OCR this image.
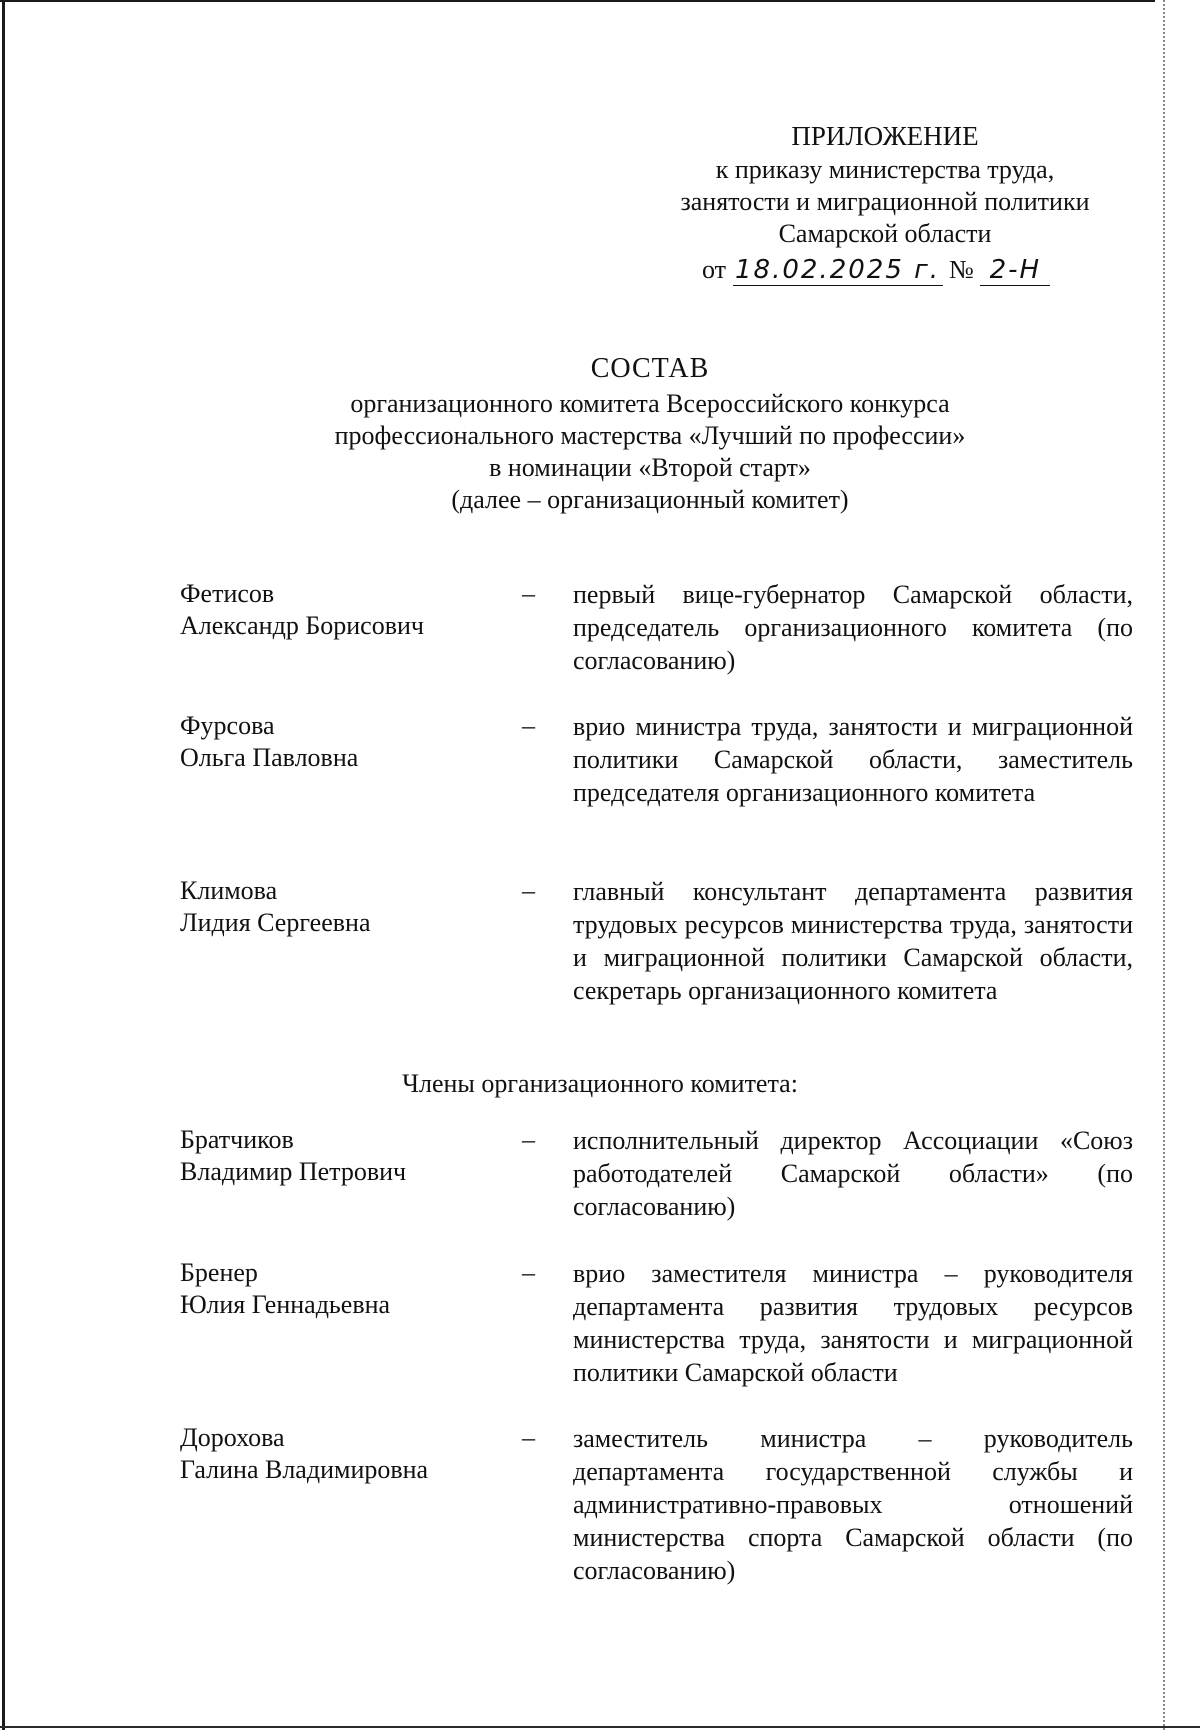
ПРИЛОЖЕНИЕ
к приказу министерства труда,
занятости и миграционной политики
Самарской области
от 18.02.2025 г. № 2-Н
СОСТАВ
организационного комитета Всероссийского конкурса
профессионального мастерства «Лучший по профессии»
в номинации «Второй старт»
(далее – организационный комитет)
Фетисов
Александр Борисович
– первый вице-губернатор Самарской области, председатель организационного комитета (по согласованию)
Фурсова
Ольга Павловна
– врио министра труда, занятости и миграционной политики Самарской области, заместитель председателя организационного комитета
Климова
Лидия Сергеевна
– главный консультант департамента развития трудовых ресурсов министерства труда, занятости и миграционной политики Самарской области, секретарь организационного комитета
Члены организационного комитета:
Братчиков
Владимир Петрович
– исполнительный директор Ассоциации «Союз работодателей Самарской области» (по согласованию)
Бренер
Юлия Геннадьевна
– врио заместителя министра – руководителя департамента развития трудовых ресурсов министерства труда, занятости и миграционной политики Самарской области
Дорохова
Галина Владимировна
– заместитель министра – руководитель департамента государственной службы и административно-правовых отношений министерства спорта Самарской области (по согласованию)
